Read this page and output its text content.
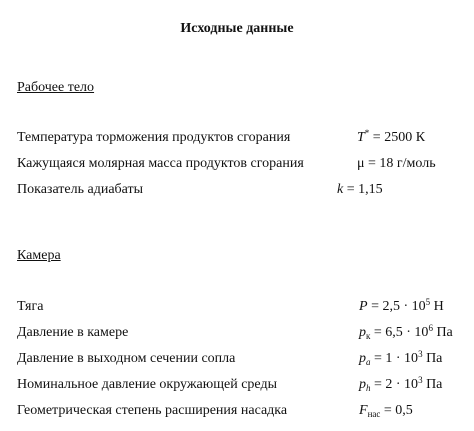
Исходные данные
Рабочее тело
Температура торможения продуктов сгорания	T* = 2500 К
Кажущаяся молярная масса продуктов сгорания	μ = 18 г/моль
Показатель адиабаты	k = 1,15
Камера
Тяга	$P = 2,5 \cdot 10^5$ Н
Давление в камере	$p_к = 6,5 \cdot 10^6$ Па
Давление в выходном сечении сопла	$p_a = 1 \cdot 10^3$ Па
Номинальное давление окружающей среды	$p_h = 2 \cdot 10^3$ Па
Геометрическая степень расширения насадка	$F_{нас} = 0,5$
